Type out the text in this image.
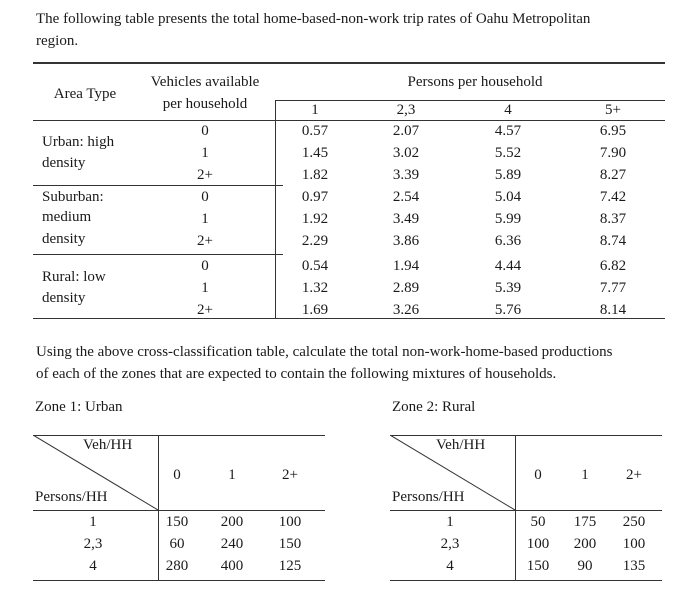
The following table presents the total home-based-non-work trip rates of Oahu Metropolitan
region.
Area Type
Vehicles available
per household
Persons per household
1	2,3	4	5+
Urban: high
density
0	0.57	2.07	4.57	6.95
1	1.45	3.02	5.52	7.90
2+	1.82	3.39	5.89	8.27
Suburban:
medium
density
0	0.97	2.54	5.04	7.42
1	1.92	3.49	5.99	8.37
2+	2.29	3.86	6.36	8.74
Rural: low
density
0	0.54	1.94	4.44	6.82
1	1.32	2.89	5.39	7.77
2+	1.69	3.26	5.76	8.14
Using the above cross-classification table, calculate the total non-work-home-based productions
of each of the zones that are expected to contain the following mixtures of households.
Zone 1: Urban
Veh/HH
Persons/HH
0	1	2+
1	150	200	100
2,3	60	240	150
4	280	400	125
Zone 2: Rural
Veh/HH
Persons/HH
0	1	2+
1	50	175	250
2,3	100	200	100
4	150	90	135
